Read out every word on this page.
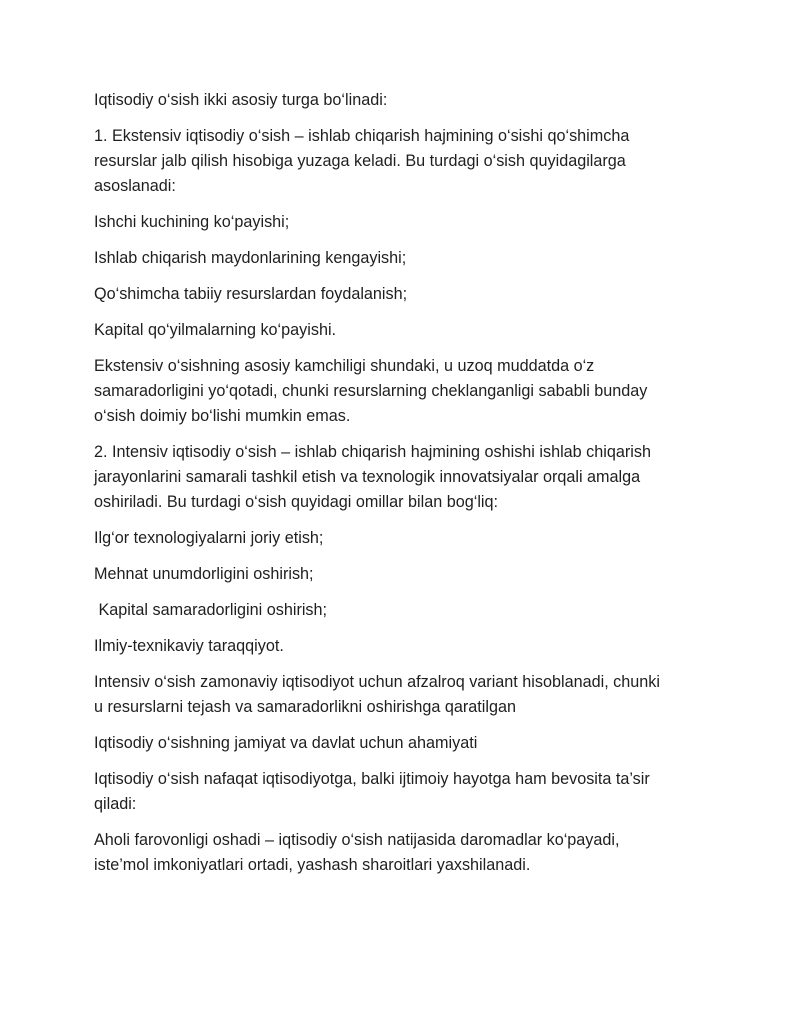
Iqtisodiy o‘sish ikki asosiy turga bo‘linadi:

1. Ekstensiv iqtisodiy o‘sish – ishlab chiqarish hajmining o‘sishi qo‘shimcha resurslar jalb qilish hisobiga yuzaga keladi. Bu turdagi o‘sish quyidagilarga asoslanadi:

Ishchi kuchining ko‘payishi;

Ishlab chiqarish maydonlarining kengayishi;

Qo‘shimcha tabiiy resurslardan foydalanish;

Kapital qo‘yilmalarning ko‘payishi.

Ekstensiv o‘sishning asosiy kamchiligi shundaki, u uzoq muddatda o‘z samaradorligini yo‘qotadi, chunki resurslarning cheklanganligi sababli bunday o‘sish doimiy bo‘lishi mumkin emas.

2. Intensiv iqtisodiy o‘sish – ishlab chiqarish hajmining oshishi ishlab chiqarish jarayonlarini samarali tashkil etish va texnologik innovatsiyalar orqali amalga oshiriladi. Bu turdagi o‘sish quyidagi omillar bilan bog‘liq:

Ilg‘or texnologiyalarni joriy etish;

Mehnat unumdorligini oshirish;

Kapital samaradorligini oshirish;

Ilmiy-texnikaviy taraqqiyot.

Intensiv o‘sish zamonaviy iqtisodiyot uchun afzalroq variant hisoblanadi, chunki u resurslarni tejash va samaradorlikni oshirishga qaratilgan

Iqtisodiy o‘sishning jamiyat va davlat uchun ahamiyati

Iqtisodiy o‘sish nafaqat iqtisodiyotga, balki ijtimoiy hayotga ham bevosita ta’sir qiladi:

Aholi farovonligi oshadi – iqtisodiy o‘sish natijasida daromadlar ko‘payadi, iste’mol imkoniyatlari ortadi, yashash sharoitlari yaxshilanadi.
